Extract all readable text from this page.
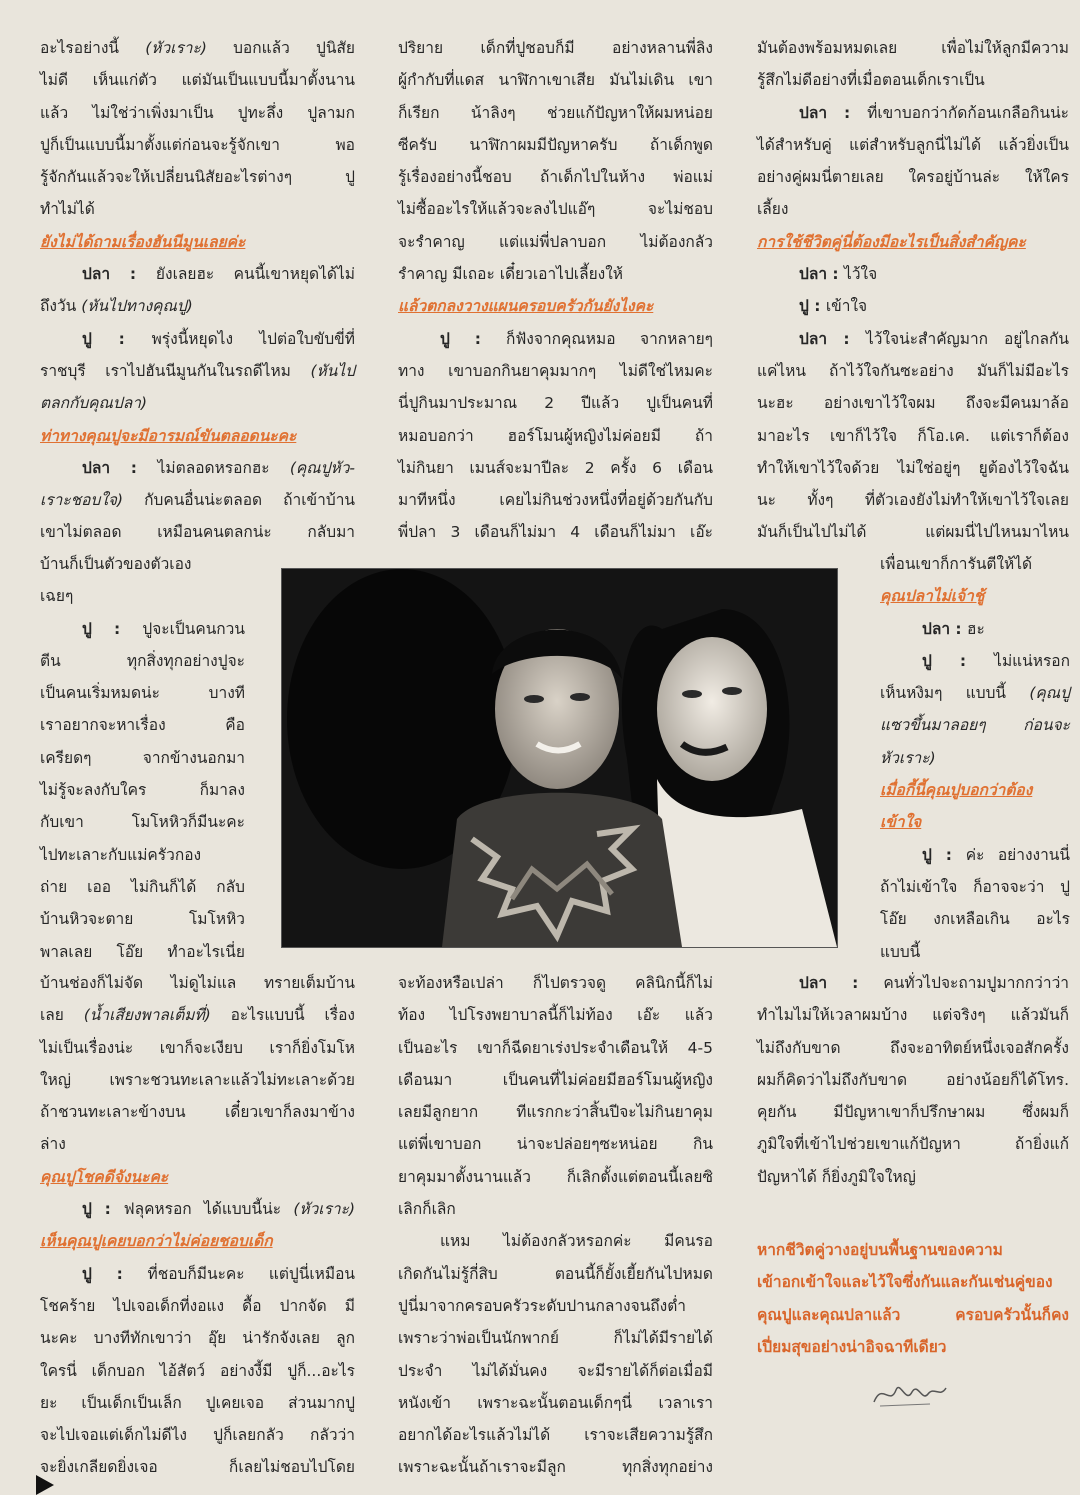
อะไรอย่างนี้ (หัวเราะ) บอกแล้ว ปูนิสัย

ไม่ดี เห็นแก่ตัว แต่มันเป็นแบบนี้มาตั้งนาน

แล้ว ไม่ใช่ว่าเพิ่งมาเป็น ปูทะลึ่ง ปูลามก

ปูก็เป็นแบบนี้มาตั้งแต่ก่อนจะรู้จักเขา พอ

รู้จักกันแล้วจะให้เปลี่ยนนิสัยอะไรต่างๆ ปู

ทำไม่ได้

ยังไม่ได้ถามเรื่องฮันนีมูนเลยค่ะ

ปลา : ยังเลยฮะ คนนี้เขาหยุดได้ไม่

ถึงวัน (หันไปทางคุณปู)

ปู : พรุ่งนี้หยุดไง ไปต่อใบขับขี่ที่

ราชบุรี เราไปฮันนีมูนกันในรถดีไหม (หันไป

ตลกกับคุณปลา)

ท่าทางคุณปูจะมีอารมณ์ขันตลอดนะคะ

ปลา : ไม่ตลอดหรอกฮะ (คุณปูหัว-

เราะชอบใจ) กับคนอื่นน่ะตลอด ถ้าเข้าบ้าน

เขาไม่ตลอด เหมือนคนตลกน่ะ กลับมา

บ้านก็เป็นตัวของตัวเอง

เฉยๆ

ปู : ปูจะเป็นคนกวน

ตีน ทุกสิ่งทุกอย่างปูจะ

เป็นคนเริ่มหมดน่ะ บางที

เราอยากจะหาเรื่อง คือ

เครียดๆ จากข้างนอกมา

ไม่รู้จะลงกับใคร ก็มาลง

กับเขา โมโหหิวก็มีนะคะ

ไปทะเลาะกับแม่ครัวกอง

ถ่าย เออ ไม่กินก็ได้ กลับ

บ้านหิวจะตาย โมโหหิว

พาลเลย โอ๊ย ทำอะไรเนี่ย

บ้านช่องก็ไม่จัด ไม่ดูไม่แล ทรายเต็มบ้าน

เลย (น้ำเสียงพาลเต็มที่) อะไรแบบนี้ เรื่อง

ไม่เป็นเรื่องน่ะ เขาก็จะเงียบ เราก็ยิ่งโมโห

ใหญ่ เพราะชวนทะเลาะแล้วไม่ทะเลาะด้วย

ถ้าชวนทะเลาะข้างบน เดี๋ยวเขาก็ลงมาข้าง

ล่าง

คุณปูโชคดีจังนะคะ

ปู : ฟลุคหรอก ได้แบบนี้น่ะ (หัวเราะ)

เห็นคุณปูเคยบอกว่าไม่ค่อยชอบเด็ก

ปู : ที่ชอบก็มีนะคะ แต่ปูนี่เหมือน

โชคร้าย ไปเจอเด็กที่งอแง ดื้อ ปากจัด มี

นะคะ บางทีทักเขาว่า อุ๊ย น่ารักจังเลย ลูก

ใครนี่ เด็กบอก ไอ้สัตว์ อย่างงี้มี ปูก็...อะไร

ยะ เป็นเด็กเป็นเล็ก ปูเคยเจอ ส่วนมากปู

จะไปเจอแต่เด็กไม่ดีไง ปูก็เลยกลัว กลัวว่า

จะยิ่งเกลียดยิ่งเจอ ก็เลยไม่ชอบไปโดย

ปริยาย เด็กที่ปูชอบก็มี อย่างหลานพี่ลิง

ผู้กำกับที่แดส นาฬิกาเขาเสีย มันไม่เดิน เขา

ก็เรียก น้าลิงๆ ช่วยแก้ปัญหาให้ผมหน่อย

ซีครับ นาฬิกาผมมีปัญหาครับ ถ้าเด็กพูด

รู้เรื่องอย่างนี้ชอบ ถ้าเด็กไปในห้าง พ่อแม่

ไม่ซื้ออะไรให้แล้วจะลงไปแอ๊ๆ จะไม่ชอบ

จะรำคาญ แต่แม่พี่ปลาบอก ไม่ต้องกลัว

รำคาญ มีเถอะ เดี๋ยวเอาไปเลี้ยงให้

แล้วตกลงวางแผนครอบครัวกันยังไงคะ

ปู : ก็ฟังจากคุณหมอ จากหลายๆ

ทาง เขาบอกกินยาคุมมากๆ ไม่ดีใช่ไหมคะ

นี่ปูกินมาประมาณ 2 ปีแล้ว ปูเป็นคนที่

หมอบอกว่า ฮอร์โมนผู้หญิงไม่ค่อยมี ถ้า

ไม่กินยา เมนส์จะมาปีละ 2 ครั้ง 6 เดือน

มาทีหนึ่ง เคยไม่กินช่วงหนึ่งที่อยู่ด้วยกันกับ

พี่ปลา 3 เดือนก็ไม่มา 4 เดือนก็ไม่มา เอ๊ะ

จะท้องหรือเปล่า ก็ไปตรวจดู คลินิกนี้ก็ไม่

ท้อง ไปโรงพยาบาลนี้ก็ไม่ท้อง เอ๊ะ แล้ว

เป็นอะไร เขาก็ฉีดยาเร่งประจำเดือนให้ 4-5

เดือนมา เป็นคนที่ไม่ค่อยมีฮอร์โมนผู้หญิง

เลยมีลูกยาก ทีแรกกะว่าสิ้นปีจะไม่กินยาคุม

แต่พี่เขาบอก น่าจะปล่อยๆซะหน่อย กิน

ยาคุมมาตั้งนานแล้ว ก็เลิกตั้งแต่ตอนนี้เลยซิ

เลิกก็เลิก

แหม ไม่ต้องกลัวหรอกค่ะ มีคนรอ

เกิดกันไม่รู้กี่สิบ ตอนนี้ก็ยั้งเยี้ยกันไปหมด

ปูนี่มาจากครอบครัวระดับปานกลางจนถึงต่ำ

เพราะว่าพ่อเป็นนักพากย์ ก็ไม่ได้มีรายได้

ประจำ ไม่ได้มั่นคง จะมีรายได้ก็ต่อเมื่อมี

หนังเข้า เพราะฉะนั้นตอนเด็กๆนี่ เวลาเรา

อยากได้อะไรแล้วไม่ได้ เราจะเสียความรู้สึก

เพราะฉะนั้นถ้าเราจะมีลูก ทุกสิ่งทุกอย่าง

มันต้องพร้อมหมดเลย เพื่อไม่ให้ลูกมีความ

รู้สึกไม่ดีอย่างที่เมื่อตอนเด็กเราเป็น

ปลา : ที่เขาบอกว่ากัดก้อนเกลือกินน่ะ

ได้สำหรับคู่ แต่สำหรับลูกนี่ไม่ได้ แล้วยิ่งเป็น

อย่างคู่ผมนี่ตายเลย ใครอยู่บ้านล่ะ ให้ใคร

เลี้ยง

การใช้ชีวิตคู่นี่ต้องมีอะไรเป็นสิ่งสำคัญคะ

ปลา : ไว้ใจ

ปู : เข้าใจ

ปลา : ไว้ใจน่ะสำคัญมาก อยู่ไกลกัน

แค่ไหน ถ้าไว้ใจกันซะอย่าง มันก็ไม่มีอะไร

นะฮะ อย่างเขาไว้ใจผม ถึงจะมีคนมาล้อ

มาอะไร เขาก็ไว้ใจ ก็โอ.เค. แต่เราก็ต้อง

ทำให้เขาไว้ใจด้วย ไม่ใช่อยู่ๆ ยูต้องไว้ใจฉัน

นะ ทั้งๆ ที่ตัวเองยังไม่ทำให้เขาไว้ใจเลย

มันก็เป็นไปไม่ได้ แต่ผมนี่ไปไหนมาไหน

เพื่อนเขาก็การันตีให้ได้

คุณปลาไม่เจ้าชู้

ปลา : ฮะ

ปู : ไม่แน่หรอก

เห็นหงิมๆ แบบนี้ (คุณปู

แซวขึ้นมาลอยๆ ก่อนจะ

หัวเราะ)

เมื่อกี้นี้คุณปูบอกว่าต้อง

เข้าใจ

ปู : ค่ะ อย่างงานนี่

ถ้าไม่เข้าใจ ก็อาจจะว่า ปู

โอ๊ย งกเหลือเกิน อะไร

แบบนี้

ปลา : คนทั่วไปจะถามปูมากกว่าว่า

ทำไมไม่ให้เวลาผมบ้าง แต่จริงๆ แล้วมันก็

ไม่ถึงกับขาด ถึงจะอาทิตย์หนึ่งเจอสักครั้ง

ผมก็คิดว่าไม่ถึงกับขาด อย่างน้อยก็ได้โทร.

คุยกัน มีปัญหาเขาก็ปรึกษาผม ซึ่งผมก็

ภูมิใจที่เข้าไปช่วยเขาแก้ปัญหา ถ้ายิ่งแก้

ปัญหาได้ ก็ยิ่งภูมิใจใหญ่

หากชีวิตคู่วางอยู่บนพื้นฐานของความ

เข้าอกเข้าใจและไว้ใจซึ่งกันและกันเช่นคู่ของ

คุณปูและคุณปลาแล้ว ครอบครัวนั้นก็คง

เปี่ยมสุขอย่างน่าอิจฉาทีเดียว
